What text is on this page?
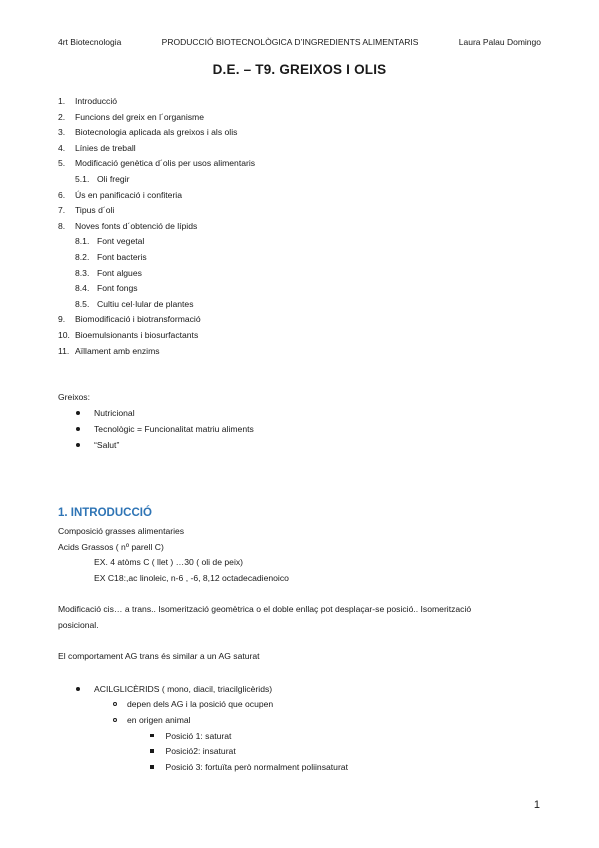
4rt Biotecnologia	PRODUCCIÓ BIOTECNOLÒGICA D’INGREDIENTS ALIMENTARIS	Laura Palau Domingo
D.E. – T9. GREIXOS I OLIS
1.	Introducció
2.	Funcions del greix en l´organisme
3.	Biotecnologia aplicada als greixos i als olis
4.	Línies de treball
5.	Modificació genètica d´olis per usos alimentaris
5.1. Oli fregir
6.	Ús en panificació i confiteria
7.	Tipus d´oli
8.	Noves fonts d´obtenció de lípids
8.1. Font vegetal
8.2. Font bacteris
8.3. Font algues
8.4. Font fongs
8.5. Cultiu cel·lular de plantes
9.	Biomodificació i biotransformació
10. Bioemulsionants i biosurfactants
11. Aïllament amb enzims
Greixos:
Nutricional
Tecnològic = Funcionalitat matriu aliments
“Salut”
1. INTRODUCCIÓ
Composició grasses alimentaries
Acids Grassos ( nº parell C)
EX. 4 atòms C ( llet ) …30 ( oli de peix)
EX C18:,ac linoleic, n-6 , -6, 8,12 octadecadienoico
Modificació cis… a trans.. Isomerització geomètrica o el doble enllaç pot desplaçar-se posició.. Isomerització
posicional.
El comportament AG trans és similar a un AG saturat
ACILGLICÈRIDS ( mono, diacil, triacilglicèrids)
depen dels AG i la posició que ocupen
en origen animal
Posició 1: saturat
Posició2: insaturat
Posició 3: fortuïta però normalment poliinsaturat
1
